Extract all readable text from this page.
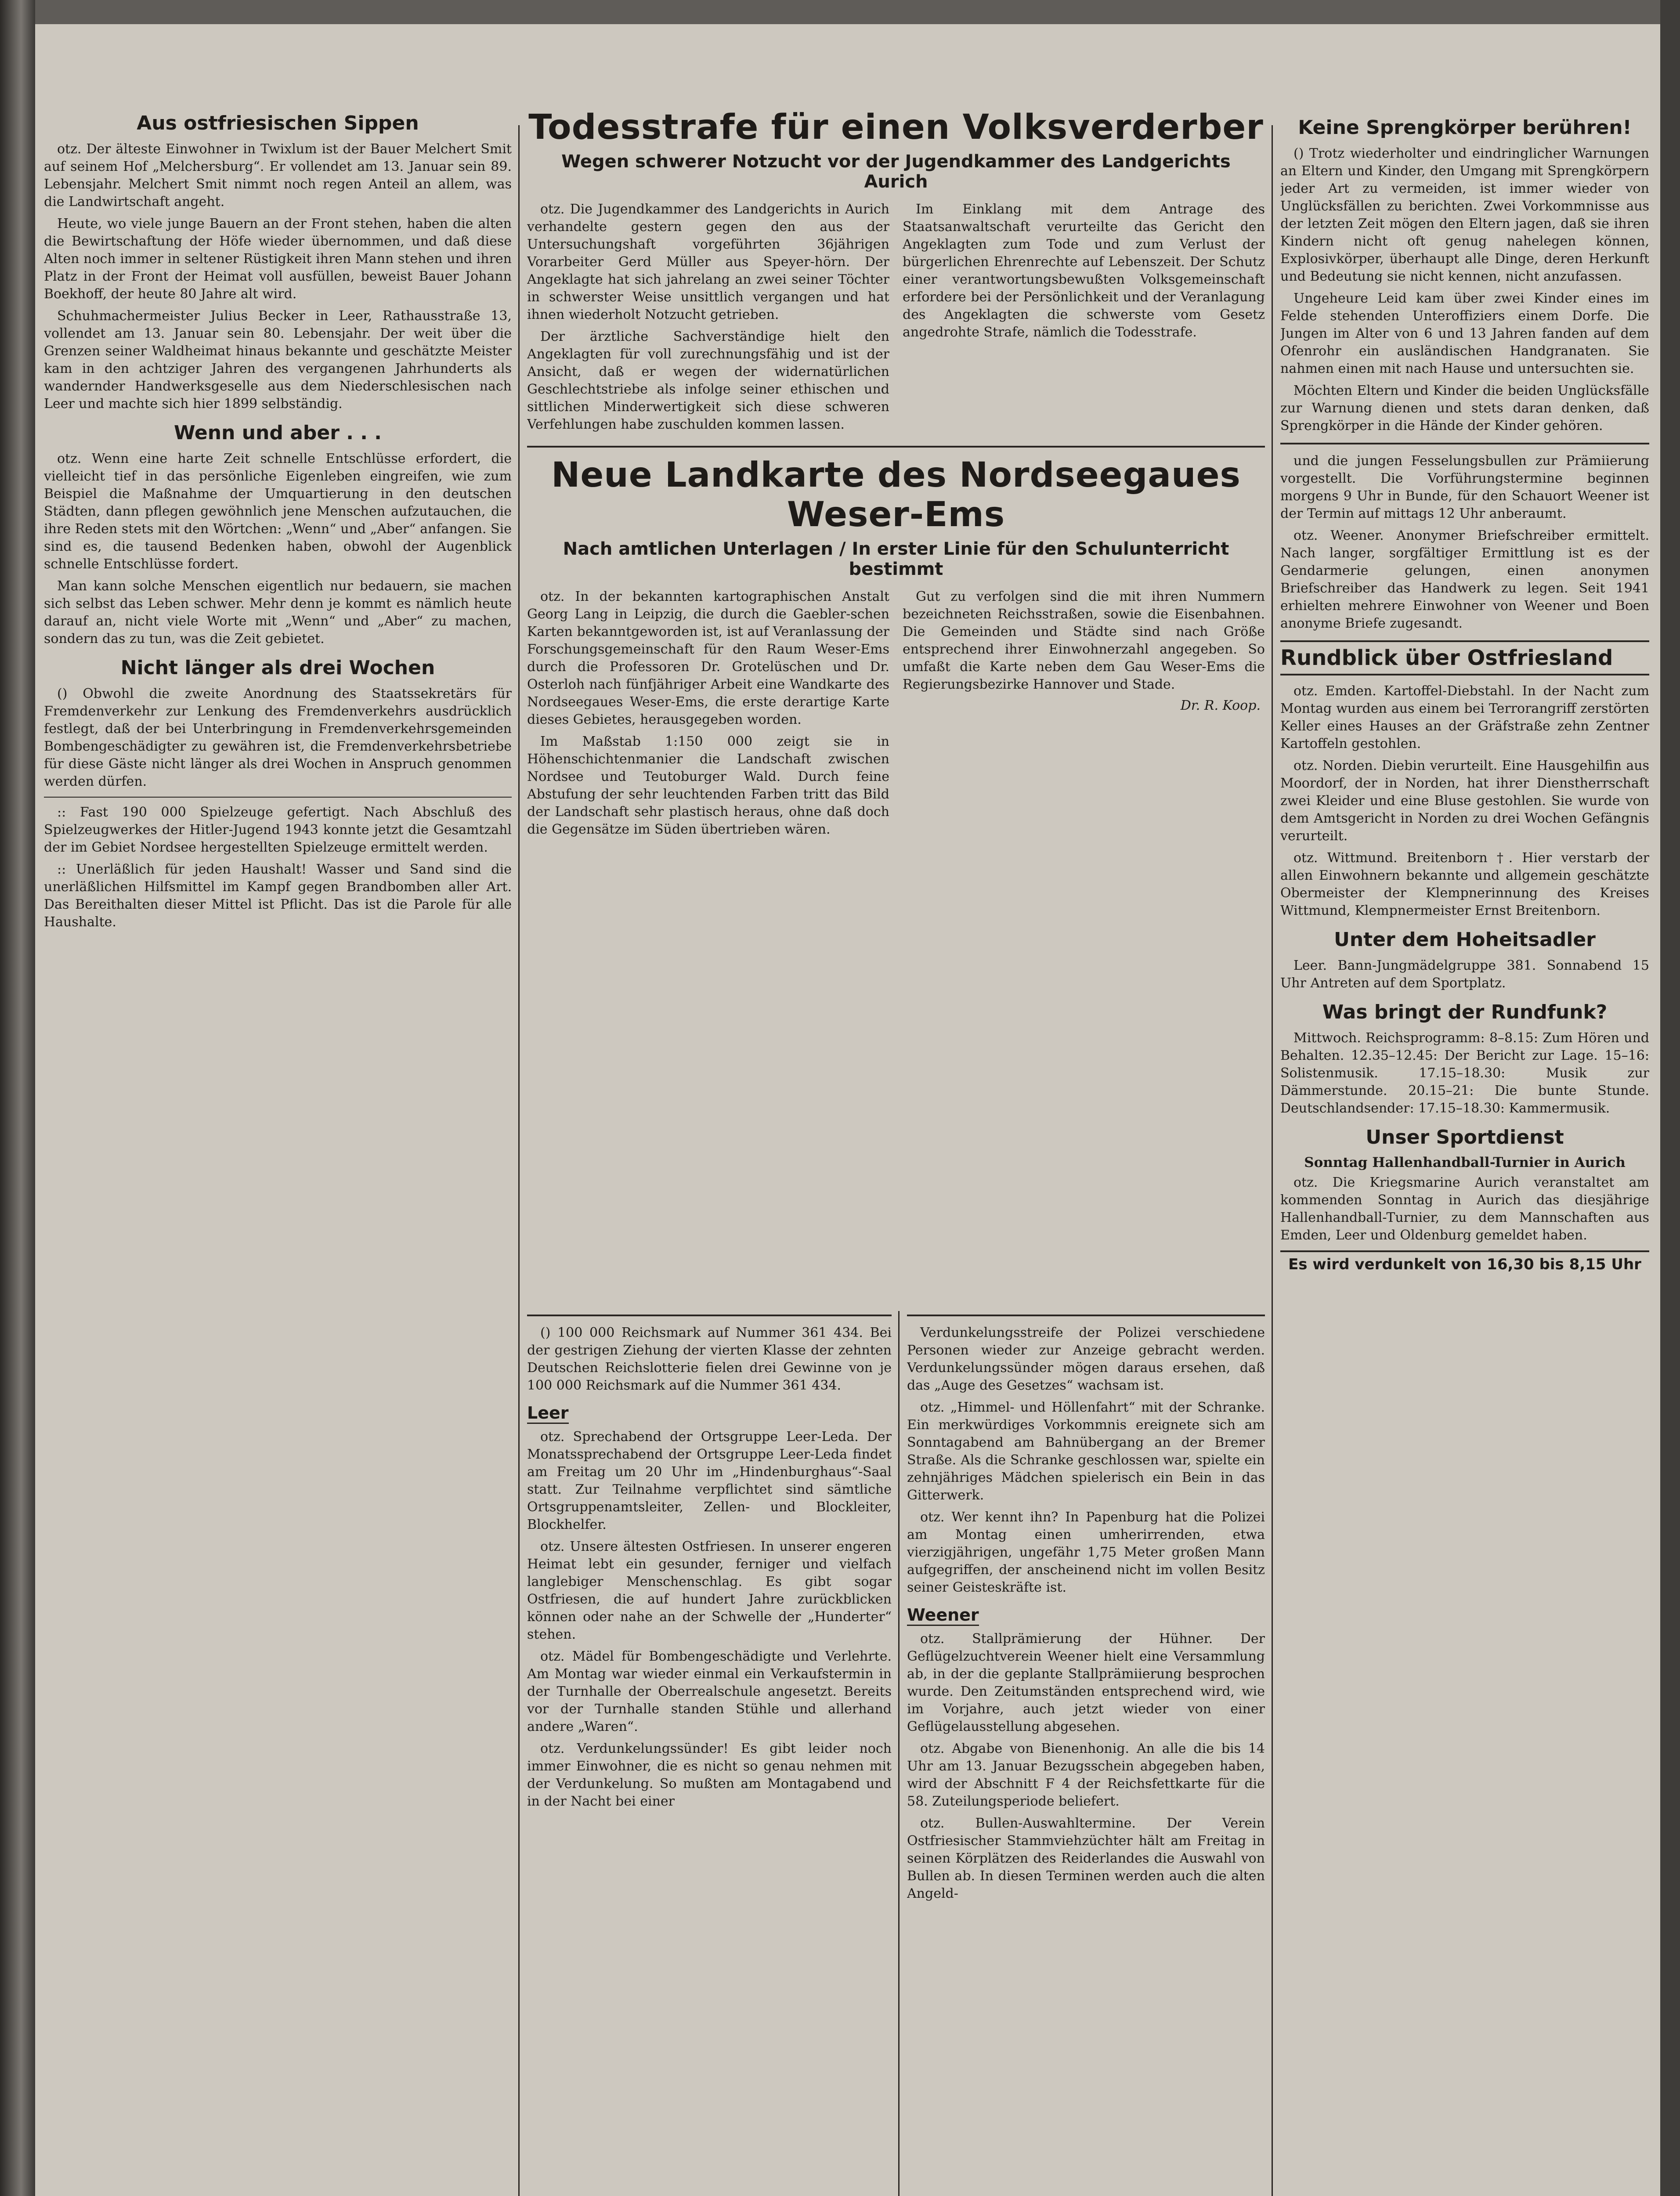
Aus ostfriesischen Sippen

otz. Der älteste Einwohner in Twixlum ist der Bauer Melchert Smit auf seinem Hof „Melchersburg“. Er vollendet am 13. Januar sein 89. Lebensjahr. Melchert Smit nimmt noch regen Anteil an allem, was die Landwirtschaft angeht.

Heute, wo viele junge Bauern an der Front stehen, haben die alten die Bewirtschaftung der Höfe wieder übernommen, und daß diese Alten noch immer in seltener Rüstigkeit ihren Mann stehen und ihren Platz in der Front der Heimat voll ausfüllen, beweist Bauer Johann Boekhoff, der heute 80 Jahre alt wird.

Schuhmachermeister Julius Becker in Leer, Rathausstraße 13, vollendet am 13. Januar sein 80. Lebensjahr. Der weit über die Grenzen seiner Waldheimat hinaus bekannte und geschätzte Meister kam in den achtziger Jahren des vergangenen Jahrhunderts als wandernder Handwerksgeselle aus dem Niederschlesischen nach Leer und machte sich hier 1899 selbständig.

Wenn und aber . . .

otz. Wenn eine harte Zeit schnelle Entschlüsse erfordert, die vielleicht tief in das persönliche Eigenleben eingreifen, wie zum Beispiel die Maßnahme der Umquartierung in den deutschen Städten, dann pflegen gewöhnlich jene Menschen aufzutauchen, die ihre Reden stets mit den Wörtchen: „Wenn“ und „Aber“ anfangen. Sie sind es, die tausend Bedenken haben, obwohl der Augenblick schnelle Entschlüsse fordert.

Man kann solche Menschen eigentlich nur bedauern, sie machen sich selbst das Leben schwer. Mehr denn je kommt es nämlich heute darauf an, nicht viele Worte mit „Wenn“ und „Aber“ zu machen, sondern das zu tun, was die Zeit gebietet.

Nicht länger als drei Wochen

() Obwohl die zweite Anordnung des Staatssekretärs für Fremdenverkehr zur Lenkung des Fremdenverkehrs ausdrücklich festlegt, daß der bei Unterbringung in Fremdenverkehrsgemeinden Bombengeschädigter zu gewähren ist, die Fremdenverkehrsbetriebe für diese Gäste nicht länger als drei Wochen in Anspruch genommen werden dürfen.

:: Fast 190 000 Spielzeuge gefertigt. Nach Abschluß des Spielzeugwerkes der Hitler-Jugend 1943 konnte jetzt die Gesamtzahl der im Gebiet Nordsee hergestellten Spielzeuge ermittelt werden.

:: Unerläßlich für jeden Haushalt! Wasser und Sand sind die unerläßlichen Hilfsmittel im Kampf gegen Brandbomben aller Art. Das Bereithalten dieser Mittel ist Pflicht. Das ist die Parole für alle Haushalte.

Todesstrafe für einen Volksverderber
Wegen schwerer Notzucht vor der Jugendkammer des Landgerichts Aurich

otz. Die Jugendkammer des Landgerichts in Aurich verhandelte gestern gegen den aus der Untersuchungshaft vorgeführten 36jährigen Vorarbeiter Gerd Müller aus Speyer-hörn. Der Angeklagte hat sich jahrelang an zwei seiner Töchter in schwerster Weise unsittlich vergangen und hat ihnen wiederholt Notzucht getrieben.

Der ärztliche Sachverständige hielt den Angeklagten für voll zurechnungsfähig und ist der Ansicht, daß er wegen der widernatürlichen Geschlechtstriebe als infolge seiner ethischen und sittlichen Minderwertigkeit sich diese schweren Verfehlungen habe zuschulden kommen lassen.

Im Einklang mit dem Antrage des Staatsanwaltschaft verurteilte das Gericht den Angeklagten zum Tode und zum Verlust der bürgerlichen Ehrenrechte auf Lebenszeit. Der Schutz einer verantwortungsbewußten Volksgemeinschaft erfordere bei der Persönlichkeit und der Veranlagung des Angeklagten die schwerste vom Gesetz angedrohte Strafe, nämlich die Todesstrafe.

Neue Landkarte des Nordseegaues Weser-Ems
Nach amtlichen Unterlagen / In erster Linie für den Schulunterricht bestimmt

otz. In der bekannten kartographischen Anstalt Georg Lang in Leipzig, die durch die Gaebler-schen Karten bekanntgeworden ist, ist auf Veranlassung der Forschungsgemeinschaft für den Raum Weser-Ems durch die Professoren Dr. Grotelüschen und Dr. Osterloh nach fünfjähriger Arbeit eine Wandkarte des Nordseegaues Weser-Ems, die erste derartige Karte dieses Gebietes, herausgegeben worden.

Im Maßstab 1:150 000 zeigt sie in Höhenschichtenmanier die Landschaft zwischen Nordsee und Teutoburger Wald. Durch feine Abstufung der sehr leuchtenden Farben tritt das Bild der Landschaft sehr plastisch heraus, ohne daß doch die Gegensätze im Süden übertrieben wären.

Gut zu verfolgen sind die mit ihren Nummern bezeichneten Reichsstraßen, sowie die Eisenbahnen. Die Gemeinden und Städte sind nach Größe entsprechend ihrer Einwohnerzahl angegeben. So umfaßt die Karte neben dem Gau Weser-Ems die Regierungsbezirke Hannover und Stade.

Dr. R. Koop.

() 100 000 Reichsmark auf Nummer 361 434. Bei der gestrigen Ziehung der vierten Klasse der zehnten Deutschen Reichslotterie fielen drei Gewinne von je 100 000 Reichsmark auf die Nummer 361 434.

Leer

otz. Sprechabend der Ortsgruppe Leer-Leda. Der Monatssprechabend der Ortsgruppe Leer-Leda findet am Freitag um 20 Uhr im „Hindenburghaus“-Saal statt. Zur Teilnahme verpflichtet sind sämtliche Ortsgruppenamtsleiter, Zellen- und Blockleiter, Blockhelfer.

otz. Unsere ältesten Ostfriesen. In unserer engeren Heimat lebt ein gesunder, ferniger und vielfach langlebiger Menschenschlag. Es gibt sogar Ostfriesen, die auf hundert Jahre zurückblicken können oder nahe an der Schwelle der „Hunderter“ stehen.

otz. Mädel für Bombengeschädigte und Verlehrte. Am Montag war wieder einmal ein Verkaufstermin in der Turnhalle der Oberrealschule angesetzt. Bereits vor der Turnhalle standen Stühle und allerhand andere „Waren“.

otz. Verdunkelungssünder! Es gibt leider noch immer Einwohner, die es nicht so genau nehmen mit der Verdunkelung. So mußten am Montagabend und in der Nacht bei einer

Verdunkelungsstreife der Polizei verschiedene Personen wieder zur Anzeige gebracht werden. Verdunkelungssünder mögen daraus ersehen, daß das „Auge des Gesetzes“ wachsam ist.

otz. „Himmel- und Höllenfahrt“ mit der Schranke. Ein merkwürdiges Vorkommnis ereignete sich am Sonntagabend am Bahnübergang an der Bremer Straße. Als die Schranke geschlossen war, spielte ein zehnjähriges Mädchen spielerisch ein Bein in das Gitterwerk.

otz. Wer kennt ihn? In Papenburg hat die Polizei am Montag einen umherirrenden, etwa vierzigjährigen, ungefähr 1,75 Meter großen Mann aufgegriffen, der anscheinend nicht im vollen Besitz seiner Geisteskräfte ist.

Weener

otz. Stallprämierung der Hühner. Der Geflügelzuchtverein Weener hielt eine Versammlung ab, in der die geplante Stallprämiierung besprochen wurde. Den Zeitumständen entsprechend wird, wie im Vorjahre, auch jetzt wieder von einer Geflügelausstellung abgesehen.

otz. Abgabe von Bienenhonig. An alle die bis 14 Uhr am 13. Januar Bezugsschein abgegeben haben, wird der Abschnitt F 4 der Reichsfettkarte für die 58. Zuteilungsperiode beliefert.

otz. Bullen-Auswahltermine. Der Verein Ostfriesischer Stammviehzüchter hält am Freitag in seinen Körplätzen des Reiderlandes die Auswahl von Bullen ab. In diesen Terminen werden auch die alten Angeld-

Keine Sprengkörper berühren!

() Trotz wiederholter und eindringlicher Warnungen an Eltern und Kinder, den Umgang mit Sprengkörpern jeder Art zu vermeiden, ist immer wieder von Unglücksfällen zu berichten. Zwei Vorkommnisse aus der letzten Zeit mögen den Eltern jagen, daß sie ihren Kindern nicht oft genug nahelegen können, Explosivkörper, überhaupt alle Dinge, deren Herkunft und Bedeutung sie nicht kennen, nicht anzufassen.

Ungeheure Leid kam über zwei Kinder eines im Felde stehenden Unteroffiziers einem Dorfe. Die Jungen im Alter von 6 und 13 Jahren fanden auf dem Ofenrohr ein ausländischen Handgranaten. Sie nahmen einen mit nach Hause und untersuchten sie.

Möchten Eltern und Kinder die beiden Unglücksfälle zur Warnung dienen und stets daran denken, daß Sprengkörper in die Hände der Kinder gehören.

und die jungen Fesselungsbullen zur Prämiierung vorgestellt. Die Vorführungstermine beginnen morgens 9 Uhr in Bunde, für den Schauort Weener ist der Termin auf mittags 12 Uhr anberaumt.

otz. Weener. Anonymer Briefschreiber ermittelt. Nach langer, sorgfältiger Ermittlung ist es der Gendarmerie gelungen, einen anonymen Briefschreiber das Handwerk zu legen. Seit 1941 erhielten mehrere Einwohner von Weener und Boen anonyme Briefe zugesandt.

Rundblick über Ostfriesland

otz. Emden. Kartoffel-Diebstahl. In der Nacht zum Montag wurden aus einem bei Terrorangriff zerstörten Keller eines Hauses an der Gräfstraße zehn Zentner Kartoffeln gestohlen.

otz. Norden. Diebin verurteilt. Eine Hausgehilfin aus Moordorf, der in Norden, hat ihrer Dienstherrschaft zwei Kleider und eine Bluse gestohlen. Sie wurde von dem Amtsgericht in Norden zu drei Wochen Gefängnis verurteilt.

otz. Wittmund. Breitenborn †. Hier verstarb der allen Einwohnern bekannte und allgemein geschätzte Obermeister der Klempnerinnung des Kreises Wittmund, Klempnermeister Ernst Breitenborn.

Unter dem Hoheitsadler

Leer. Bann-Jungmädelgruppe 381. Sonnabend 15 Uhr Antreten auf dem Sportplatz.

Was bringt der Rundfunk?

Mittwoch. Reichsprogramm: 8–8.15: Zum Hören und Behalten. 12.35–12.45: Der Bericht zur Lage. 15–16: Solistenmusik. 17.15–18.30: Musik zur Dämmerstunde. 20.15–21: Die bunte Stunde. Deutschlandsender: 17.15–18.30: Kammermusik.

Unser Sportdienst
Sonntag Hallenhandball-Turnier in Aurich

otz. Die Kriegsmarine Aurich veranstaltet am kommenden Sonntag in Aurich das diesjährige Hallenhandball-Turnier, zu dem Mannschaften aus Emden, Leer und Oldenburg gemeldet haben.

Es wird verdunkelt von 16,30 bis 8,15 Uhr
